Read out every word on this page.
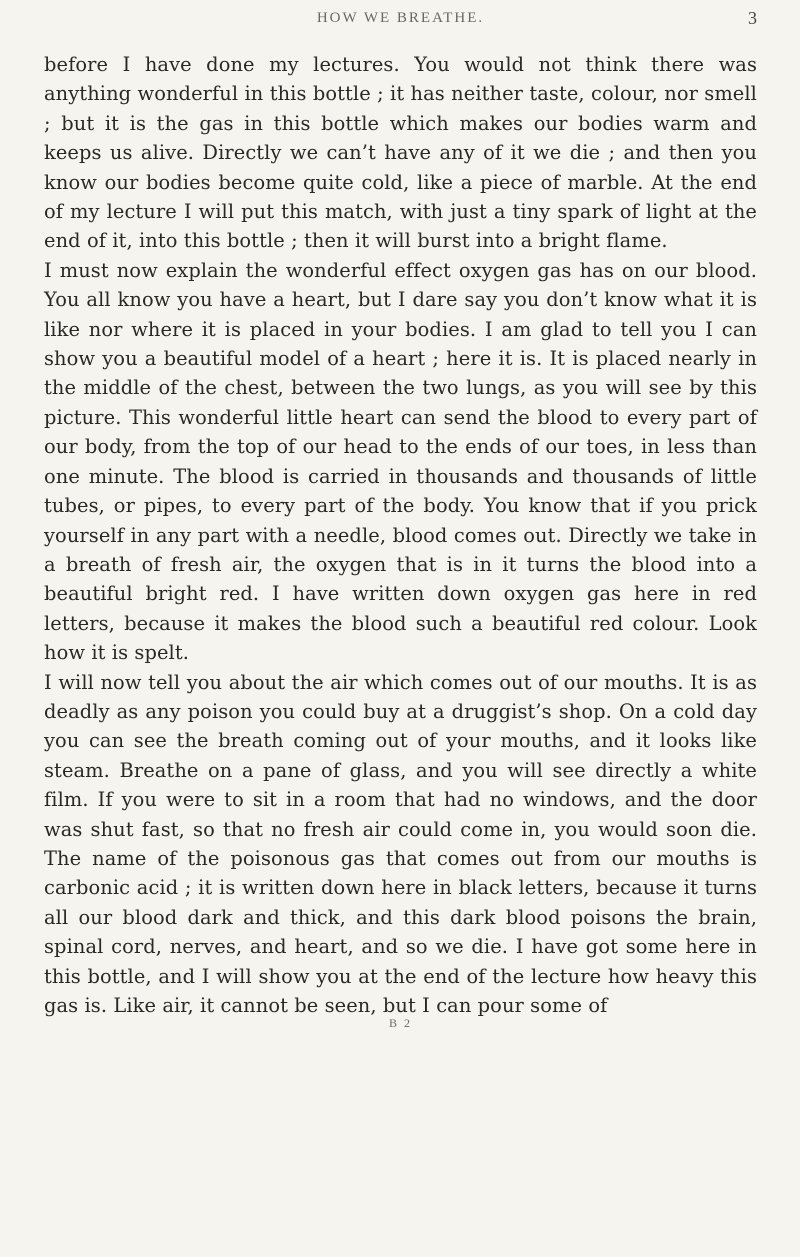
HOW WE BREATHE.	3

before I have done my lectures. You would not think there was anything wonderful in this bottle ; it has neither taste, colour, nor smell ; but it is the gas in this bottle which makes our bodies warm and keeps us alive. Directly we can’t have any of it we die ; and then you know our bodies become quite cold, like a piece of marble. At the end of my lecture I will put this match, with just a tiny spark of light at the end of it, into this bottle ; then it will burst into a bright flame.

I must now explain the wonderful effect oxygen gas has on our blood. You all know you have a heart, but I dare say you don’t know what it is like nor where it is placed in your bodies. I am glad to tell you I can show you a beautiful model of a heart ; here it is. It is placed nearly in the middle of the chest, between the two lungs, as you will see by this picture. This wonderful little heart can send the blood to every part of our body, from the top of our head to the ends of our toes, in less than one minute. The blood is carried in thousands and thousands of little tubes, or pipes, to every part of the body. You know that if you prick yourself in any part with a needle, blood comes out. Directly we take in a breath of fresh air, the oxygen that is in it turns the blood into a beautiful bright red. I have written down oxygen gas here in red letters, because it makes the blood such a beautiful red colour. Look how it is spelt.

I will now tell you about the air which comes out of our mouths. It is as deadly as any poison you could buy at a druggist’s shop. On a cold day you can see the breath coming out of your mouths, and it looks like steam. Breathe on a pane of glass, and you will see directly a white film. If you were to sit in a room that had no windows, and the door was shut fast, so that no fresh air could come in, you would soon die. The name of the poisonous gas that comes out from our mouths is carbonic acid ; it is written down here in black letters, because it turns all our blood dark and thick, and this dark blood poisons the brain, spinal cord, nerves, and heart, and so we die. I have got some here in this bottle, and I will show you at the end of the lecture how heavy this gas is. Like air, it cannot be seen, but I can pour some of

B 2
